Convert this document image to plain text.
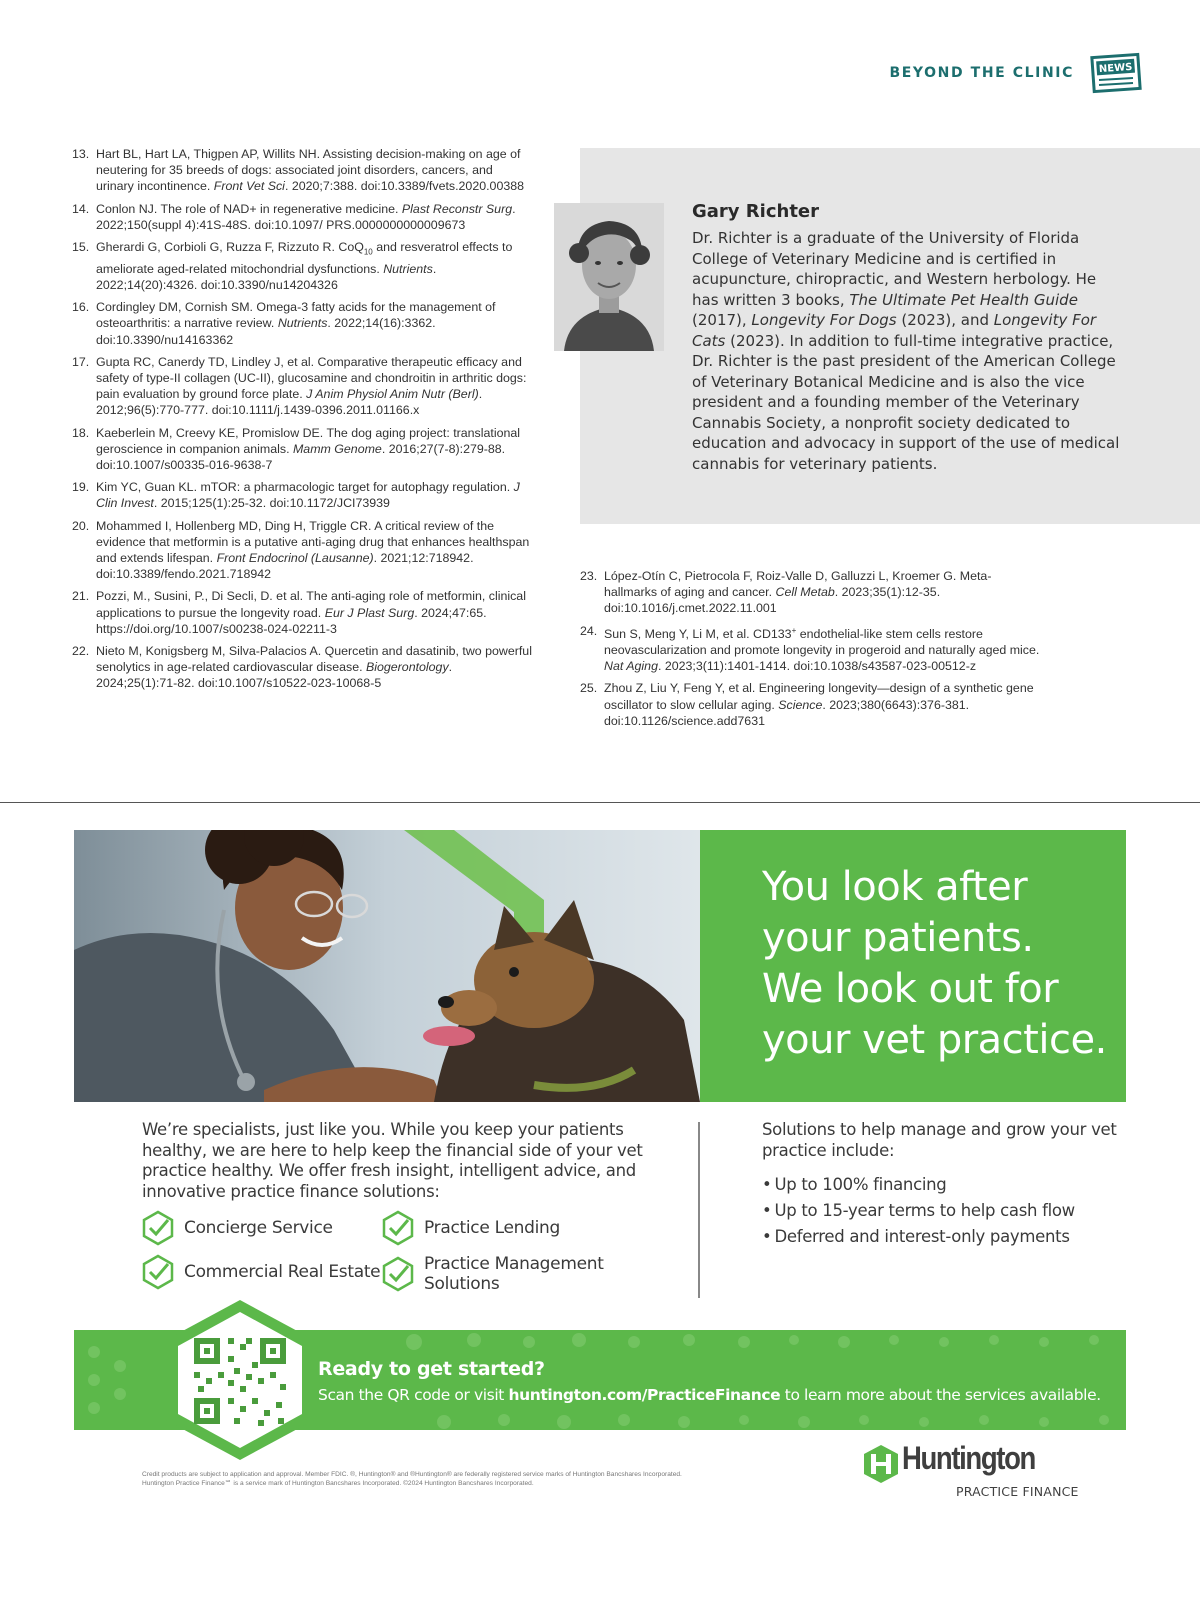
BEYOND THE CLINIC NEWS
13. Hart BL, Hart LA, Thigpen AP, Willits NH. Assisting decision-making on age of neutering for 35 breeds of dogs: associated joint disorders, cancers, and urinary incontinence. Front Vet Sci. 2020;7:388. doi:10.3389/fvets.2020.00388
14. Conlon NJ. The role of NAD+ in regenerative medicine. Plast Reconstr Surg. 2022;150(suppl 4):41S-48S. doi:10.1097/ PRS.0000000000009673
15. Gherardi G, Corbioli G, Ruzza F, Rizzuto R. CoQ$_{10}$ and resveratrol effects to ameliorate aged-related mitochondrial dysfunctions. Nutrients. 2022;14(20):4326. doi:10.3390/nu14204326
16. Cordingley DM, Cornish SM. Omega-3 fatty acids for the management of osteoarthritis: a narrative review. Nutrients. 2022;14(16):3362. doi:10.3390/nu14163362
17. Gupta RC, Canerdy TD, Lindley J, et al. Comparative therapeutic efficacy and safety of type-II collagen (UC-II), glucosamine and chondroitin in arthritic dogs: pain evaluation by ground force plate. J Anim Physiol Anim Nutr (Berl). 2012;96(5):770-777. doi:10.1111/j.1439-0396.2011.01166.x
18. Kaeberlein M, Creevy KE, Promislow DE. The dog aging project: translational geroscience in companion animals. Mamm Genome. 2016;27(7-8):279-88. doi:10.1007/s00335-016-9638-7
19. Kim YC, Guan KL. mTOR: a pharmacologic target for autophagy regulation. J Clin Invest. 2015;125(1):25-32. doi:10.1172/JCI73939
20. Mohammed I, Hollenberg MD, Ding H, Triggle CR. A critical review of the evidence that metformin is a putative anti-aging drug that enhances healthspan and extends lifespan. Front Endocrinol (Lausanne). 2021;12:718942. doi:10.3389/fendo.2021.718942
21. Pozzi, M., Susini, P., Di Secli, D. et al. The anti-aging role of metformin, clinical applications to pursue the longevity road. Eur J Plast Surg. 2024;47:65. https://doi.org/10.1007/s00238-024-02211-3
22. Nieto M, Konigsberg M, Silva-Palacios A. Quercetin and dasatinib, two powerful senolytics in age-related cardiovascular disease. Biogerontology. 2024;25(1):71-82. doi:10.1007/s10522-023-10068-5
Gary Richter
Dr. Richter is a graduate of the University of Florida College of Veterinary Medicine and is certified in acupuncture, chiropractic, and Western herbology. He has written 3 books, The Ultimate Pet Health Guide (2017), Longevity For Dogs (2023), and Longevity For Cats (2023). In addition to full-time integrative practice, Dr. Richter is the past president of the American College of Veterinary Botanical Medicine and is also the vice president and a founding member of the Veterinary Cannabis Society, a nonprofit society dedicated to education and advocacy in support of the use of medical cannabis for veterinary patients.
23. López-Otín C, Pietrocola F, Roiz-Valle D, Galluzzi L, Kroemer G. Meta-hallmarks of aging and cancer. Cell Metab. 2023;35(1):12-35. doi:10.1016/j.cmet.2022.11.001
24. Sun S, Meng Y, Li M, et al. CD133+ endothelial-like stem cells restore neovascularization and promote longevity in progeroid and naturally aged mice. Nat Aging. 2023;3(11):1401-1414. doi:10.1038/s43587-023-00512-z
25. Zhou Z, Liu Y, Feng Y, et al. Engineering longevity—design of a synthetic gene oscillator to slow cellular aging. Science. 2023;380(6643):376-381. doi:10.1126/science.add7631
You look after
your patients.
We look out for
your vet practice.
We’re specialists, just like you. While you keep your patients healthy, we are here to help keep the financial side of your vet practice healthy. We offer fresh insight, intelligent advice, and innovative practice finance solutions:
Concierge Service	Practice Lending
Commercial Real Estate	Practice Management Solutions
Solutions to help manage and grow your vet practice include:
• Up to 100% financing
• Up to 15-year terms to help cash flow
• Deferred and interest-only payments
Ready to get started?
Scan the QR code or visit huntington.com/PracticeFinance to learn more about the services available.
Credit products are subject to application and approval. Member FDIC. ®, Huntington® and ®Huntington® are federally registered service marks of Huntington Bancshares Incorporated.
Huntington Practice Finance℠ is a service mark of Huntington Bancshares Incorporated. ©2024 Huntington Bancshares Incorporated.
Huntington
PRACTICE FINANCE
